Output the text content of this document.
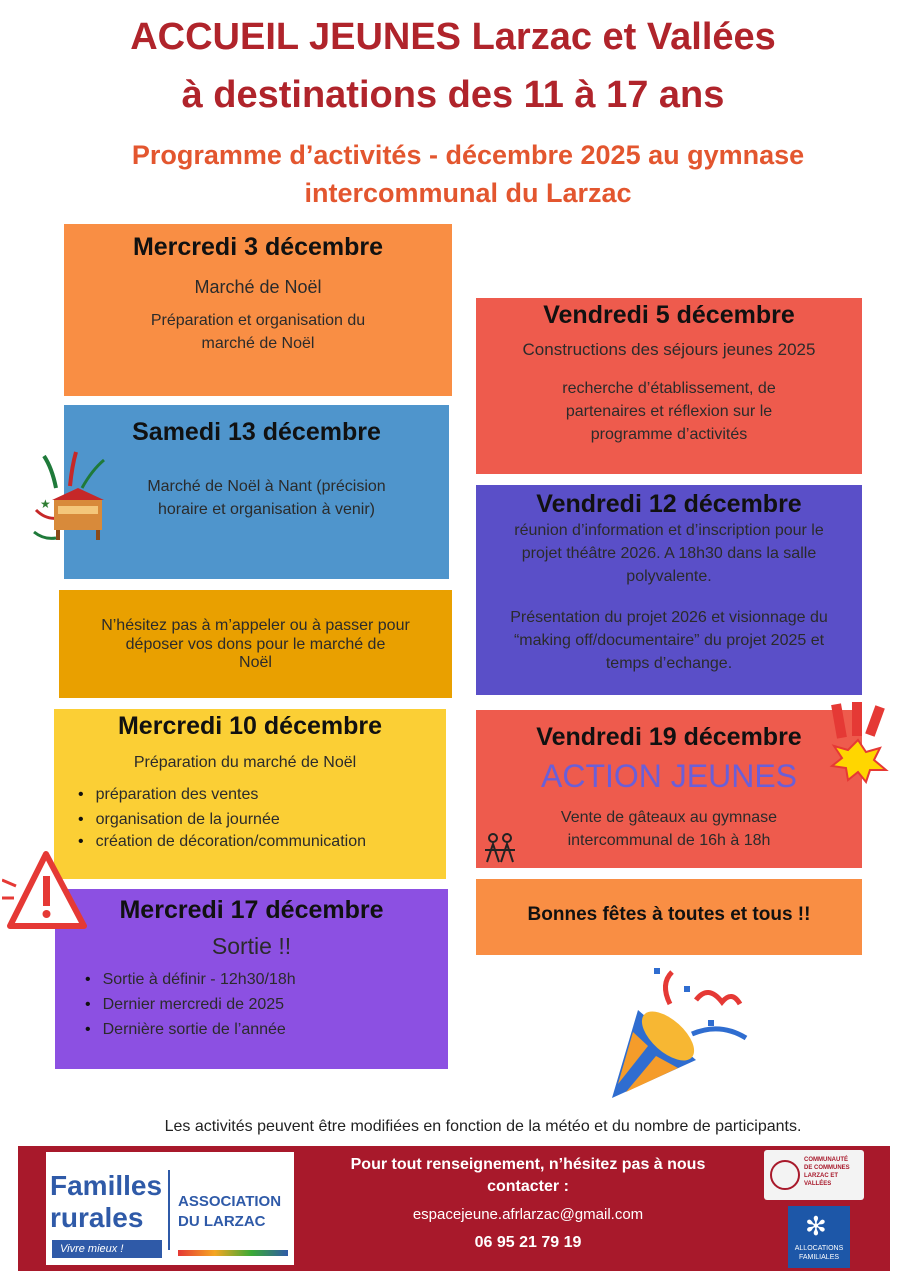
ACCUEIL JEUNES Larzac et Vallées
à destinations des 11 à 17 ans
Programme d’activités - décembre 2025 au gymnase
intercommunal du Larzac
Mercredi 3 décembre

Marché de Noël

Préparation et organisation du

marché de Noël

Samedi 13 décembre

Marché de Noël à Nant (précision

horaire et organisation à venir)

★

N’hésitez pas à m’appeler ou à passer pour

déposer vos dons pour le marché de

Noël

Mercredi 10 décembre

Préparation du marché de Noël

• préparation des ventes
• organisation de la journée
• création de décoration/communication
Mercredi 17 décembre

Sortie !!

• Sortie à définir - 12h30/18h
• Dernier mercredi de 2025
• Dernière sortie de l’année
Vendredi 5 décembre

Constructions des séjours jeunes 2025

recherche d’établissement, de

partenaires et réflexion sur le

programme d’activités

Vendredi 12 décembre

réunion d’information et d’inscription pour le

projet théâtre 2026. A 18h30 dans la salle

polyvalente.

Présentation du projet 2026 et visionnage du

“making off/documentaire” du projet 2025 et

temps d’echange.

Vendredi 19 décembre

ACTION JEUNES

Vente de gâteaux au gymnase

intercommunal de 16h à 18h

Bonnes fêtes à toutes et tous !!

Les activités peuvent être modifiées en fonction de la météo et du nombre de participants.
Familles
rurales
Vivre mieux !
ASSOCIATION
DU LARZAC
Pour tout renseignement, n’hésitez pas à nous contacter :
espacejeune.afrlarzac@gmail.com
06 95 21 79 19
COMMUNAUTÉ
DE COMMUNES
LARZAC ET VALLÉES
✻
ALLOCATIONS
FAMILIALES
